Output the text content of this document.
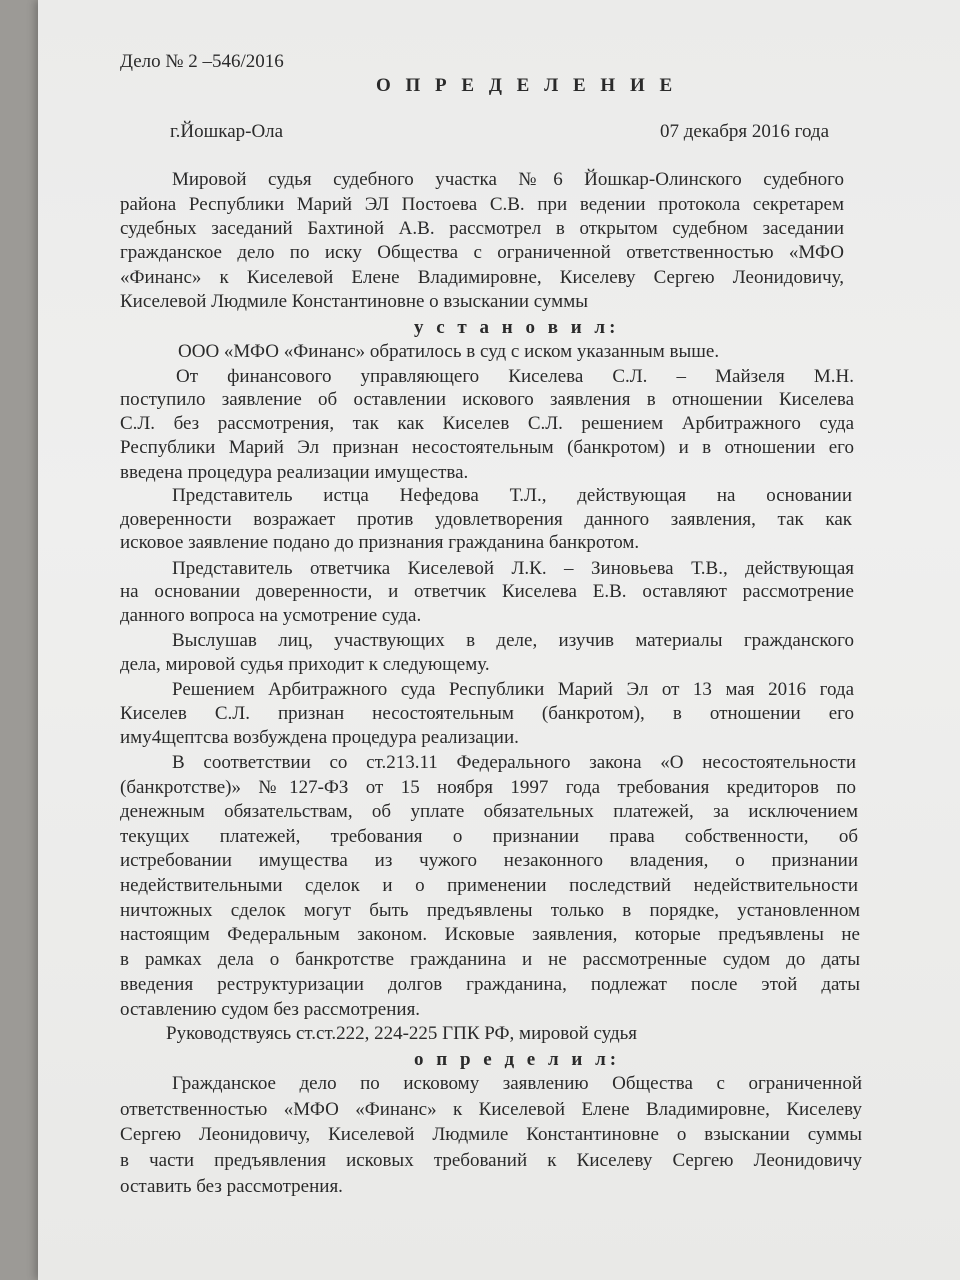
Дело № 2 –546/2016
О П Р Е Д Е Л Е Н И Е
г.Йошкар-Ола	07 декабря 2016 года
Мировой судья судебного участка №6 Йошкар-Олинского судебного
района Республики Марий ЭЛ Постоева С.В. при ведении протокола секретарем
судебных заседаний Бахтиной А.В. рассмотрел в открытом судебном заседании
гражданское дело по иску Общества с ограниченной ответственностью «МФО
«Финанс» к Киселевой Елене Владимировне, Киселеву Сергею Леонидовичу,
Киселевой Людмиле Константиновне о взыскании суммы
у с т а н о в и л:
ООО «МФО «Финанс» обратилось в суд с иском указанным выше.
От финансового управляющего Киселева С.Л. – Майзеля М.Н.
поступило заявление об оставлении искового заявления в отношении Киселева
С.Л. без рассмотрения, так как Киселев С.Л. решением Арбитражного суда
Республики Марий Эл признан несостоятельным (банкротом) и в отношении его
введена процедура реализации имущества.
Представитель истца Нефедова Т.Л., действующая на основании
доверенности возражает против удовлетворения данного заявления, так как
исковое заявление подано до признания гражданина банкротом.
Представитель ответчика Киселевой Л.К. – Зиновьева Т.В., действующая
на основании доверенности, и ответчик Киселева Е.В. оставляют рассмотрение
данного вопроса на усмотрение суда.
Выслушав лиц, участвующих в деле, изучив материалы гражданского
дела, мировой судья приходит к следующему.
Решением Арбитражного суда Республики Марий Эл от 13 мая 2016 года
Киселев С.Л. признан несостоятельным (банкротом), в отношении его
иму4щептсва возбуждена процедура реализации.
В соответствии со ст.213.11 Федерального закона «О несостоятельности
(банкротстве)» №127-ФЗ от 15 ноября 1997 года требования кредиторов по
денежным обязательствам, об уплате обязательных платежей, за исключением
текущих платежей, требования о признании права собственности, об
истребовании имущества из чужого незаконного владения, о признании
недействительными сделок и о применении последствий недействительности
ничтожных сделок могут быть предъявлены только в порядке, установленном
настоящим Федеральным законом. Исковые заявления, которые предъявлены не
в рамках дела о банкротстве гражданина и не рассмотренные судом до даты
введения реструктуризации долгов гражданина, подлежат после этой даты
оставлению судом без рассмотрения.
Руководствуясь ст.ст.222, 224-225 ГПК РФ, мировой судья
о п р е д е л и л:
Гражданское дело по исковому заявлению Общества с ограниченной
ответственностью «МФО «Финанс» к Киселевой Елене Владимировне, Киселеву
Сергею Леонидовичу, Киселевой Людмиле Константиновне о взыскании суммы
в части предъявления исковых требований к Киселеву Сергею Леонидовичу
оставить без рассмотрения.
